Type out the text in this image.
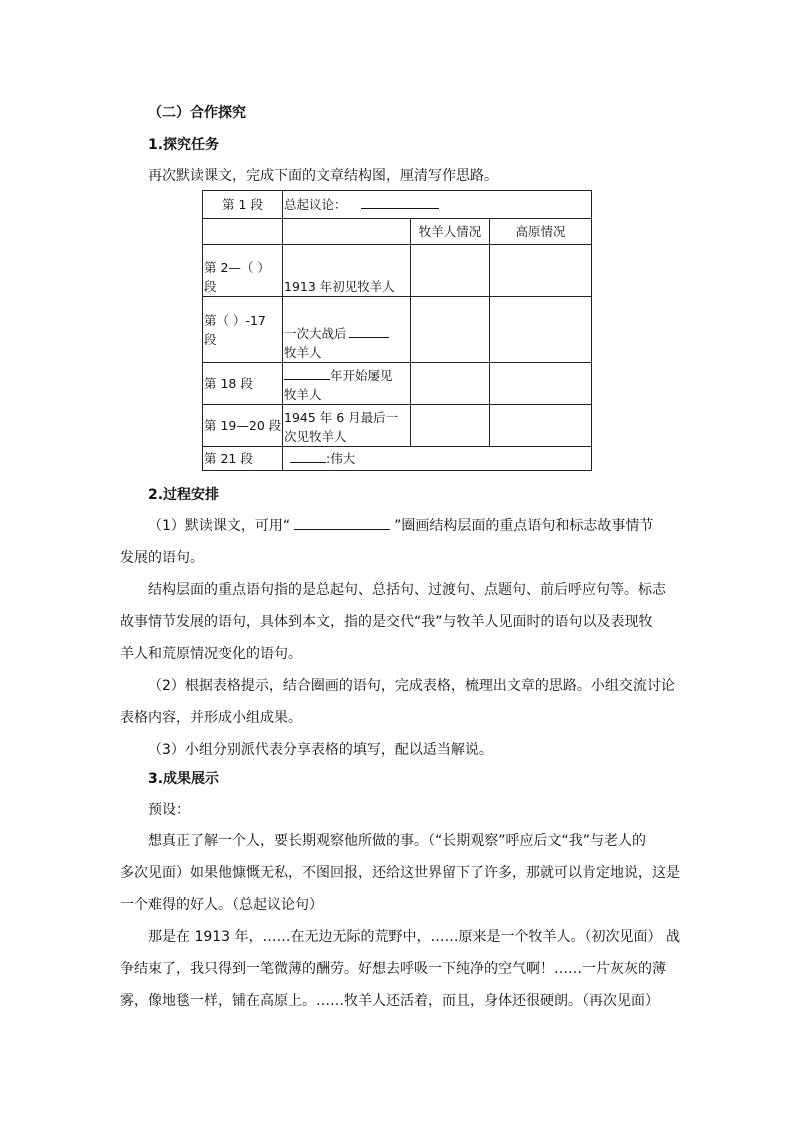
（二）合作探究
1.探究任务
再次默读课文，完成下面的文章结构图，厘清写作思路。
第 1 段	总起议论：		
		牧羊人情况	高原情况

第 2—（ ）
段	1913 年初见牧羊人		

第（ ）-17
段	一次大战后
牧羊人		

第 18 段	年开始屡见
牧羊人		

第 19—20 段	1945 年 6 月最后一
次见牧羊人		

第 21 段	:伟大		
2.过程安排
（1）默读课文，可用“	”圈画结构层面的重点语句和标志故事情节
发展的语句。
结构层面的重点语句指的是总起句、总括句、过渡句、点题句、前后呼应句等。标志
故事情节发展的语句，具体到本文，指的是交代“我”与牧羊人见面时的语句以及表现牧
羊人和荒原情况变化的语句。
（2）根据表格提示，结合圈画的语句，完成表格，梳理出文章的思路。小组交流讨论
表格内容，并形成小组成果。
（3）小组分别派代表分享表格的填写，配以适当解说。
3.成果展示
预设：
想真正了解一个人，要长期观察他所做的事。（“长期观察”呼应后文“我”与老人的
多次见面）如果他慷慨无私，不图回报，还给这世界留下了许多，那就可以肯定地说，这是
一个难得的好人。（总起议论句）
那是在 1913 年，……在无边无际的荒野中，……原来是一个牧羊人。（初次见面） 战
争结束了，我只得到一笔微薄的酬劳。好想去呼吸一下纯净的空气啊！……一片灰灰的薄
雾，像地毯一样，铺在高原上。……牧羊人还活着，而且，身体还很硬朗。（再次见面）
